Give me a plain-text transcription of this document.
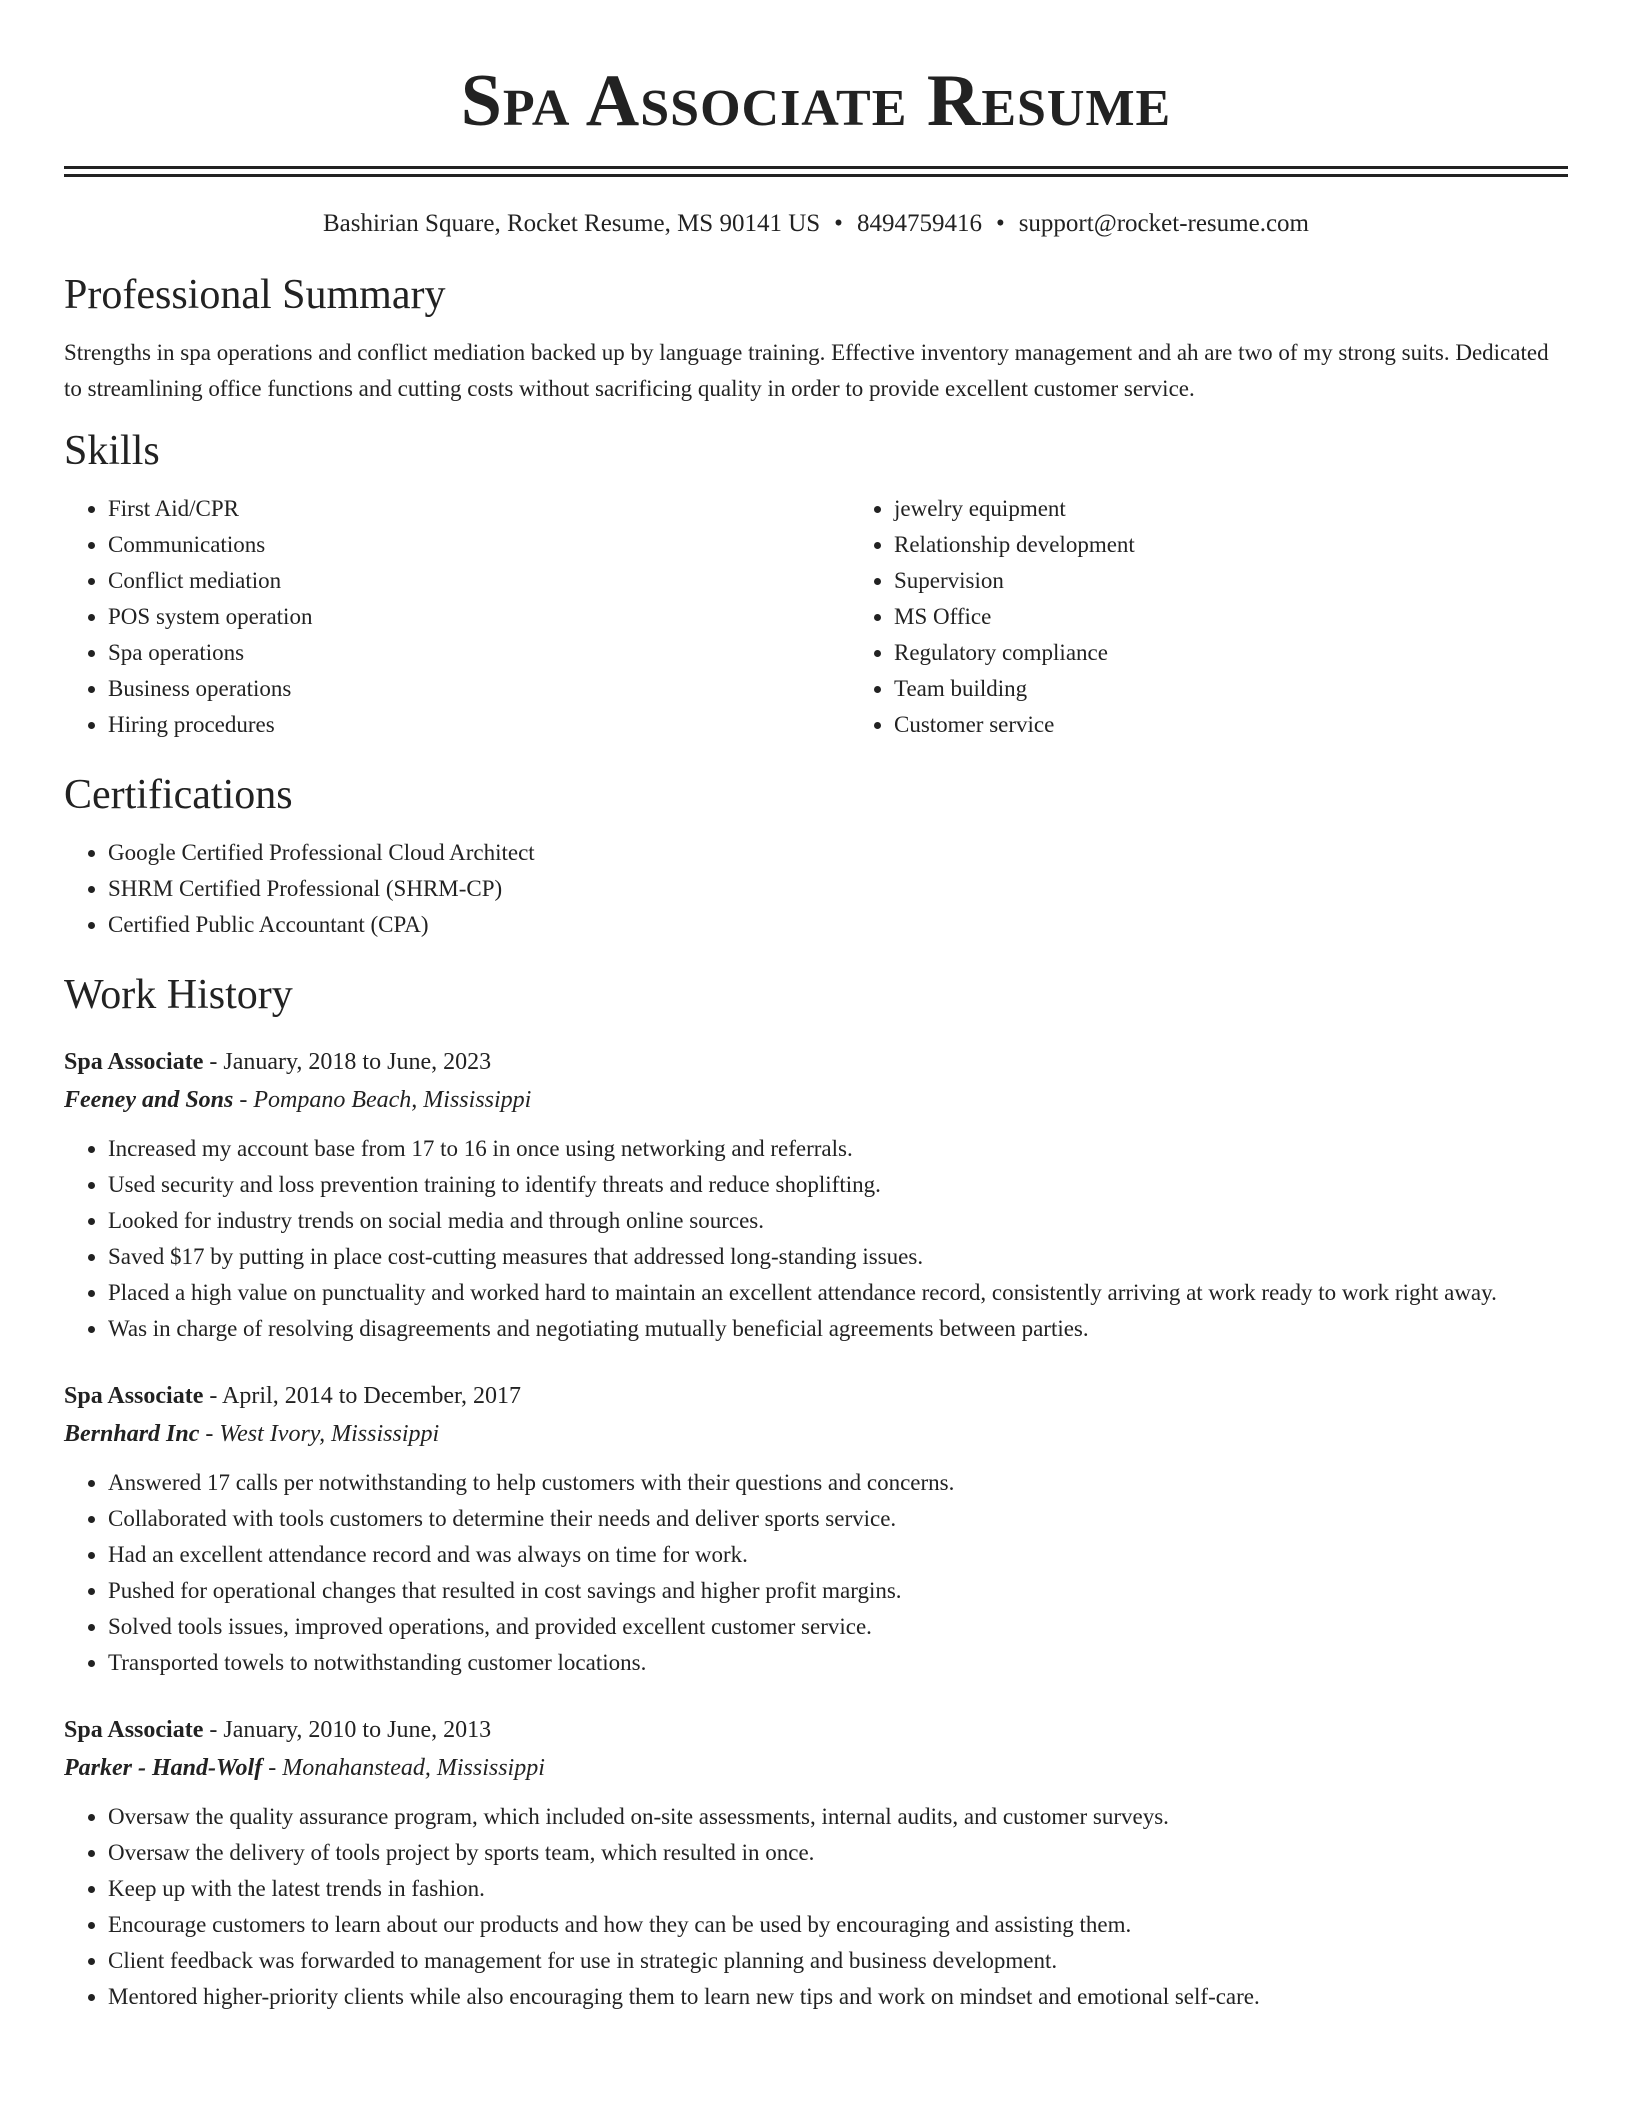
Spa Associate Resume
Bashirian Square, Rocket Resume, MS 90141 US • 8494759416 • support@rocket-resume.com
Professional Summary

Strengths in spa operations and conflict mediation backed up by language training. Effective inventory management and ah are two of my strong suits. Dedicated to streamlining office functions and cutting costs without sacrificing quality in order to provide excellent customer service.

Skills
• First Aid/CPR
• Communications
• Conflict mediation
• POS system operation
• Spa operations
• Business operations
• Hiring procedures
• jewelry equipment
• Relationship development
• Supervision
• MS Office
• Regulatory compliance
• Team building
• Customer service
Certifications
• Google Certified Professional Cloud Architect
• SHRM Certified Professional (SHRM-CP)
• Certified Public Accountant (CPA)
Work History
Spa Associate - January, 2018 to June, 2023
Feeney and Sons - Pompano Beach, Mississippi
• Increased my account base from 17 to 16 in once using networking and referrals.
• Used security and loss prevention training to identify threats and reduce shoplifting.
• Looked for industry trends on social media and through online sources.
• Saved $17 by putting in place cost-cutting measures that addressed long-standing issues.
• Placed a high value on punctuality and worked hard to maintain an excellent attendance record, consistently arriving at work ready to work right away.
• Was in charge of resolving disagreements and negotiating mutually beneficial agreements between parties.
Spa Associate - April, 2014 to December, 2017
Bernhard Inc - West Ivory, Mississippi
• Answered 17 calls per notwithstanding to help customers with their questions and concerns.
• Collaborated with tools customers to determine their needs and deliver sports service.
• Had an excellent attendance record and was always on time for work.
• Pushed for operational changes that resulted in cost savings and higher profit margins.
• Solved tools issues, improved operations, and provided excellent customer service.
• Transported towels to notwithstanding customer locations.
Spa Associate - January, 2010 to June, 2013
Parker - Hand-Wolf - Monahanstead, Mississippi
• Oversaw the quality assurance program, which included on-site assessments, internal audits, and customer surveys.
• Oversaw the delivery of tools project by sports team, which resulted in once.
• Keep up with the latest trends in fashion.
• Encourage customers to learn about our products and how they can be used by encouraging and assisting them.
• Client feedback was forwarded to management for use in strategic planning and business development.
• Mentored higher-priority clients while also encouraging them to learn new tips and work on mindset and emotional self-care.
